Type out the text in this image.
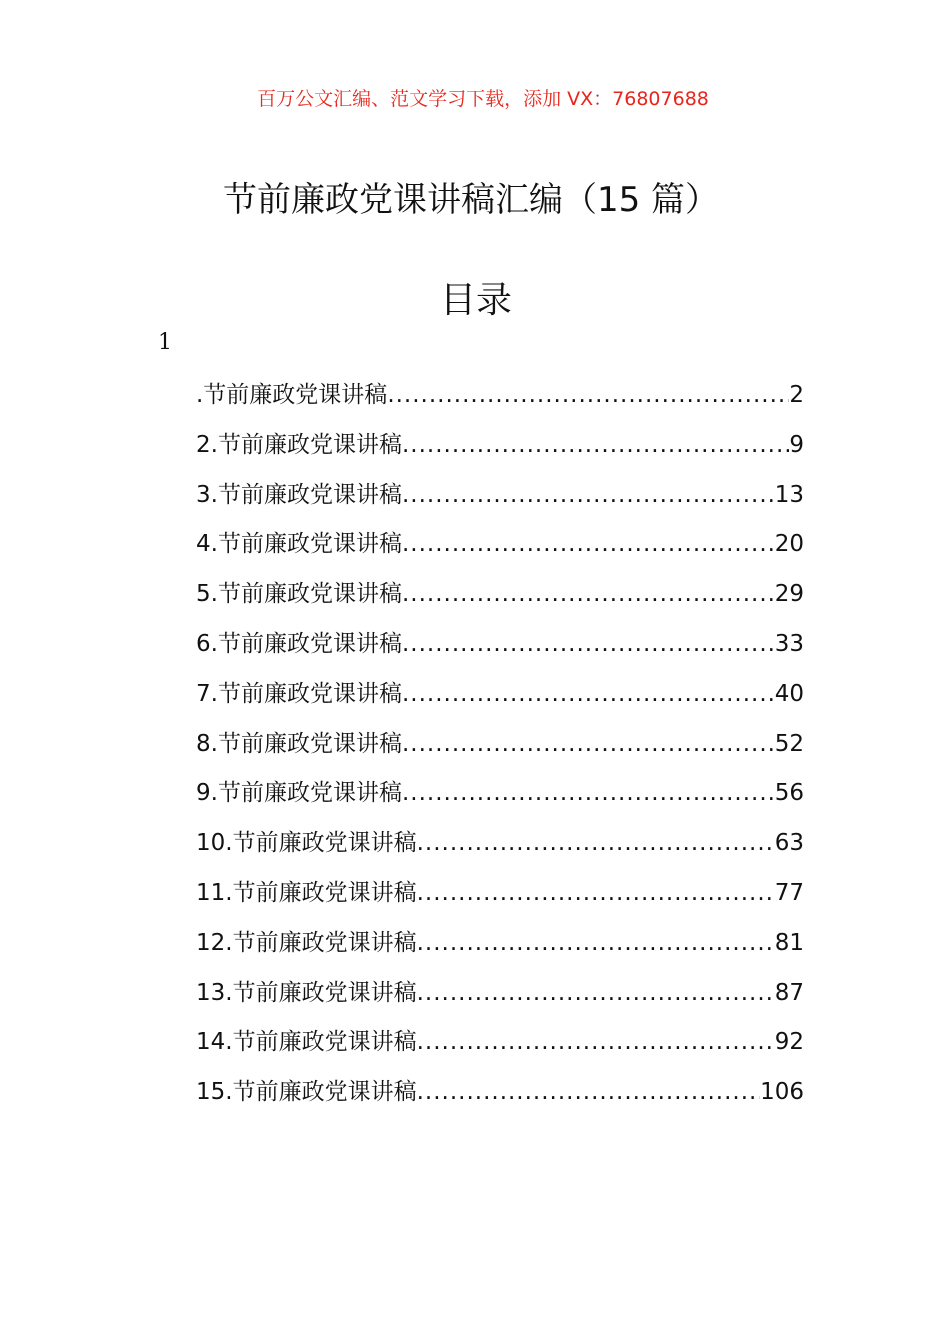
百万公文汇编、范文学习下载，添加 VX：76807688
节前廉政党课讲稿汇编（15 篇）
目录
1
.节前廉政党课讲稿 .....	2
2.节前廉政党课讲稿 .....	9
3.节前廉政党课讲稿 .....	13
4.节前廉政党课讲稿 .....	20
5.节前廉政党课讲稿 .....	29
6.节前廉政党课讲稿 .....	33
7.节前廉政党课讲稿 .....	40
8.节前廉政党课讲稿 .....	52
9.节前廉政党课讲稿 .....	56
10.节前廉政党课讲稿 .....	63
11.节前廉政党课讲稿 .....	77
12.节前廉政党课讲稿 .....	81
13.节前廉政党课讲稿 .....	87
14.节前廉政党课讲稿 .....	92
15.节前廉政党课讲稿 .....	106
